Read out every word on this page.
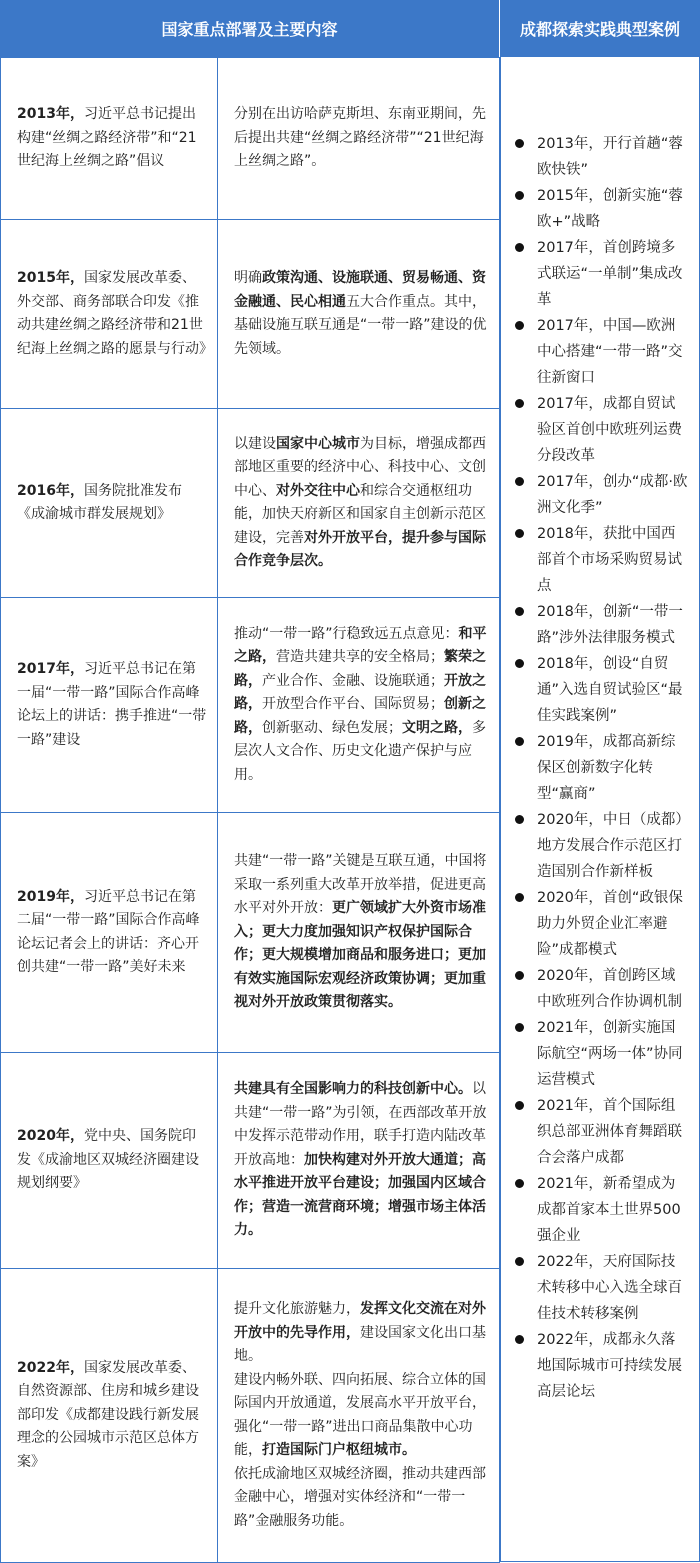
国家重点部署及主要内容	成都探索实践典型案例
2013年，习近平总书记提出构建“丝绸之路经济带”和“21世纪海上丝绸之路”倡议	分别在出访哈萨克斯坦、东南亚期间，先后提出共建“丝绸之路经济带”“21世纪海上丝绸之路”。

2015年，国家发展改革委、外交部、商务部联合印发《推动共建丝绸之路经济带和21世纪海上丝绸之路的愿景与行动》	明确政策沟通、设施联通、贸易畅通、资金融通、民心相通五大合作重点。其中，基础设施互联互通是“一带一路”建设的优先领域。

2016年，国务院批准发布《成渝城市群发展规划》	以建设国家中心城市为目标，增强成都西部地区重要的经济中心、科技中心、文创中心、对外交往中心和综合交通枢纽功能，加快天府新区和国家自主创新示范区建设，完善对外开放平台，提升参与国际合作竞争层次。

2017年，习近平总书记在第一届“一带一路”国际合作高峰论坛上的讲话：携手推进“一带一路”建设	推动“一带一路”行稳致远五点意见：和平之路，营造共建共享的安全格局；繁荣之路，产业合作、金融、设施联通；开放之路，开放型合作平台、国际贸易；创新之路，创新驱动、绿色发展；文明之路，多层次人文合作、历史文化遗产保护与应用。

2019年，习近平总书记在第二届“一带一路”国际合作高峰论坛记者会上的讲话：齐心开创共建“一带一路”美好未来	共建“一带一路”关键是互联互通，中国将采取一系列重大改革开放举措，促进更高水平对外开放：更广领域扩大外资市场准入；更大力度加强知识产权保护国际合作；更大规模增加商品和服务进口；更加有效实施国际宏观经济政策协调；更加重视对外开放政策贯彻落实。

2020年，党中央、国务院印发《成渝地区双城经济圈建设规划纲要》	共建具有全国影响力的科技创新中心。以共建“一带一路”为引领，在西部改革开放中发挥示范带动作用，联手打造内陆改革开放高地：加快构建对外开放大通道；高水平推进开放平台建设；加强国内区域合作；营造一流营商环境；增强市场主体活力。

2022年，国家发展改革委、自然资源部、住房和城乡建设部印发《成都建设践行新发展理念的公园城市示范区总体方案》	提升文化旅游魅力，发挥文化交流在对外开放中的先导作用，建设国家文化出口基地。
建设内畅外联、四向拓展、综合立体的国际国内开放通道，发展高水平开放平台，强化“一带一路”进出口商品集散中心功能，打造国际门户枢纽城市。
依托成渝地区双城经济圈，推动共建西部金融中心，增强对实体经济和“一带一路”金融服务功能。
2013年，开行首趟“蓉欧快铁”
2015年，创新实施“蓉欧+”战略
2017年，首创跨境多式联运“一单制”集成改革
2017年，中国—欧洲中心搭建“一带一路”交往新窗口
2017年，成都自贸试验区首创中欧班列运费分段改革
2017年，创办“成都·欧洲文化季”
2018年，获批中国西部首个市场采购贸易试点
2018年，创新“一带一路”涉外法律服务模式
2018年，创设“自贸通”入选自贸试验区“最佳实践案例”
2019年，成都高新综保区创新数字化转型“赢商”
2020年，中日（成都）地方发展合作示范区打造国别合作新样板
2020年，首创“政银保助力外贸企业汇率避险”成都模式
2020年，首创跨区域中欧班列合作协调机制
2021年，创新实施国际航空“两场一体”协同运营模式
2021年，首个国际组织总部亚洲体育舞蹈联合会落户成都
2021年，新希望成为成都首家本土世界500强企业
2022年，天府国际技术转移中心入选全球百佳技术转移案例
2022年，成都永久落地国际城市可持续发展高层论坛
